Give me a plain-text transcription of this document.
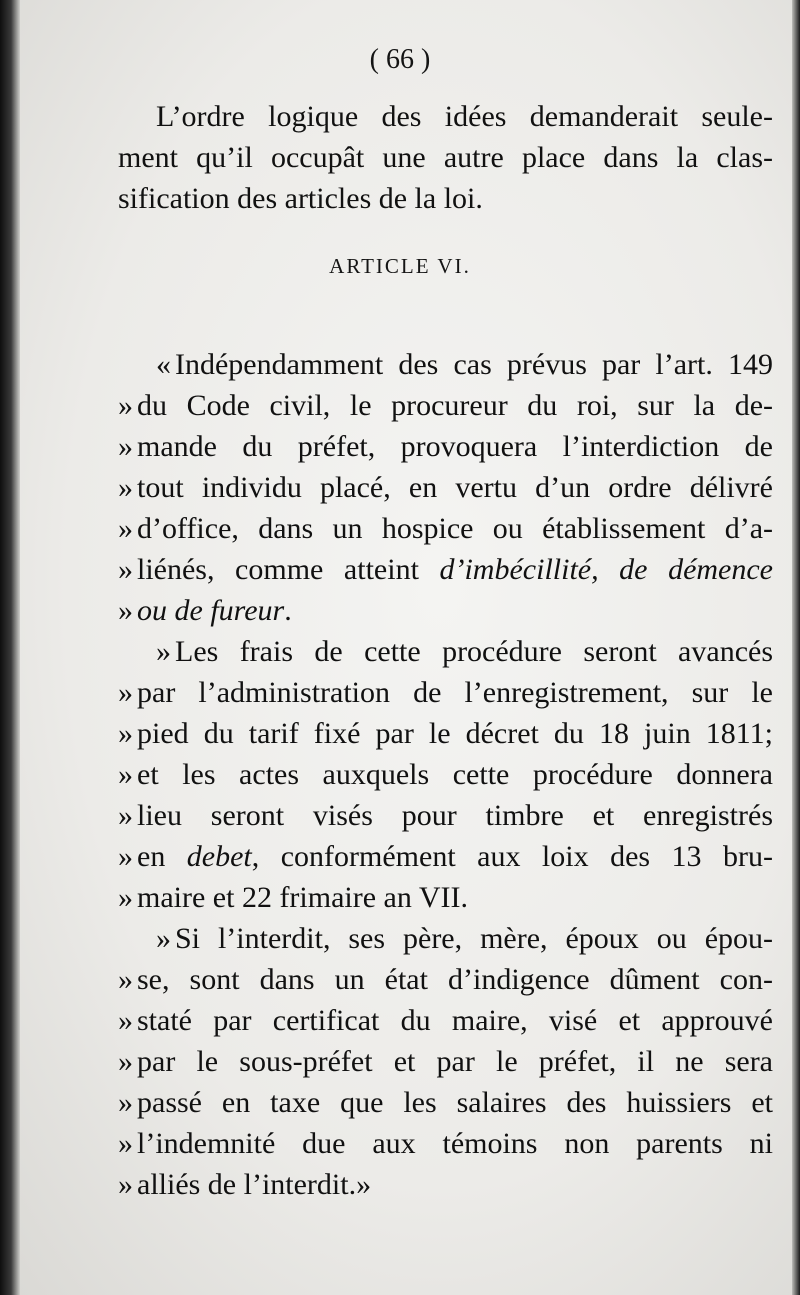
( 66 )
L’ordre logique des idées demanderait seule-
ment qu’il occupât une autre place dans la clas-
sification des articles de la loi.
ARTICLE VI.
« Indépendamment des cas prévus par l’art. 149
» du Code civil, le procureur du roi, sur la de-
» mande du préfet, provoquera l’interdiction de
» tout individu placé, en vertu d’un ordre délivré
» d’office, dans un hospice ou établissement d’a-
» liénés, comme atteint d’imbécillité, de démence
» ou de fureur.
» Les frais de cette procédure seront avancés
» par l’administration de l’enregistrement, sur le
» pied du tarif fixé par le décret du 18 juin 1811;
» et les actes auxquels cette procédure donnera
» lieu seront visés pour timbre et enregistrés
» en debet, conformément aux loix des 13 bru-
» maire et 22 frimaire an VII.
» Si l’interdit, ses père, mère, époux ou épou-
» se, sont dans un état d’indigence dûment con-
» staté par certificat du maire, visé et approuvé
» par le sous-préfet et par le préfet, il ne sera
» passé en taxe que les salaires des huissiers et
» l’indemnité due aux témoins non parents ni
» alliés de l’interdit.»
